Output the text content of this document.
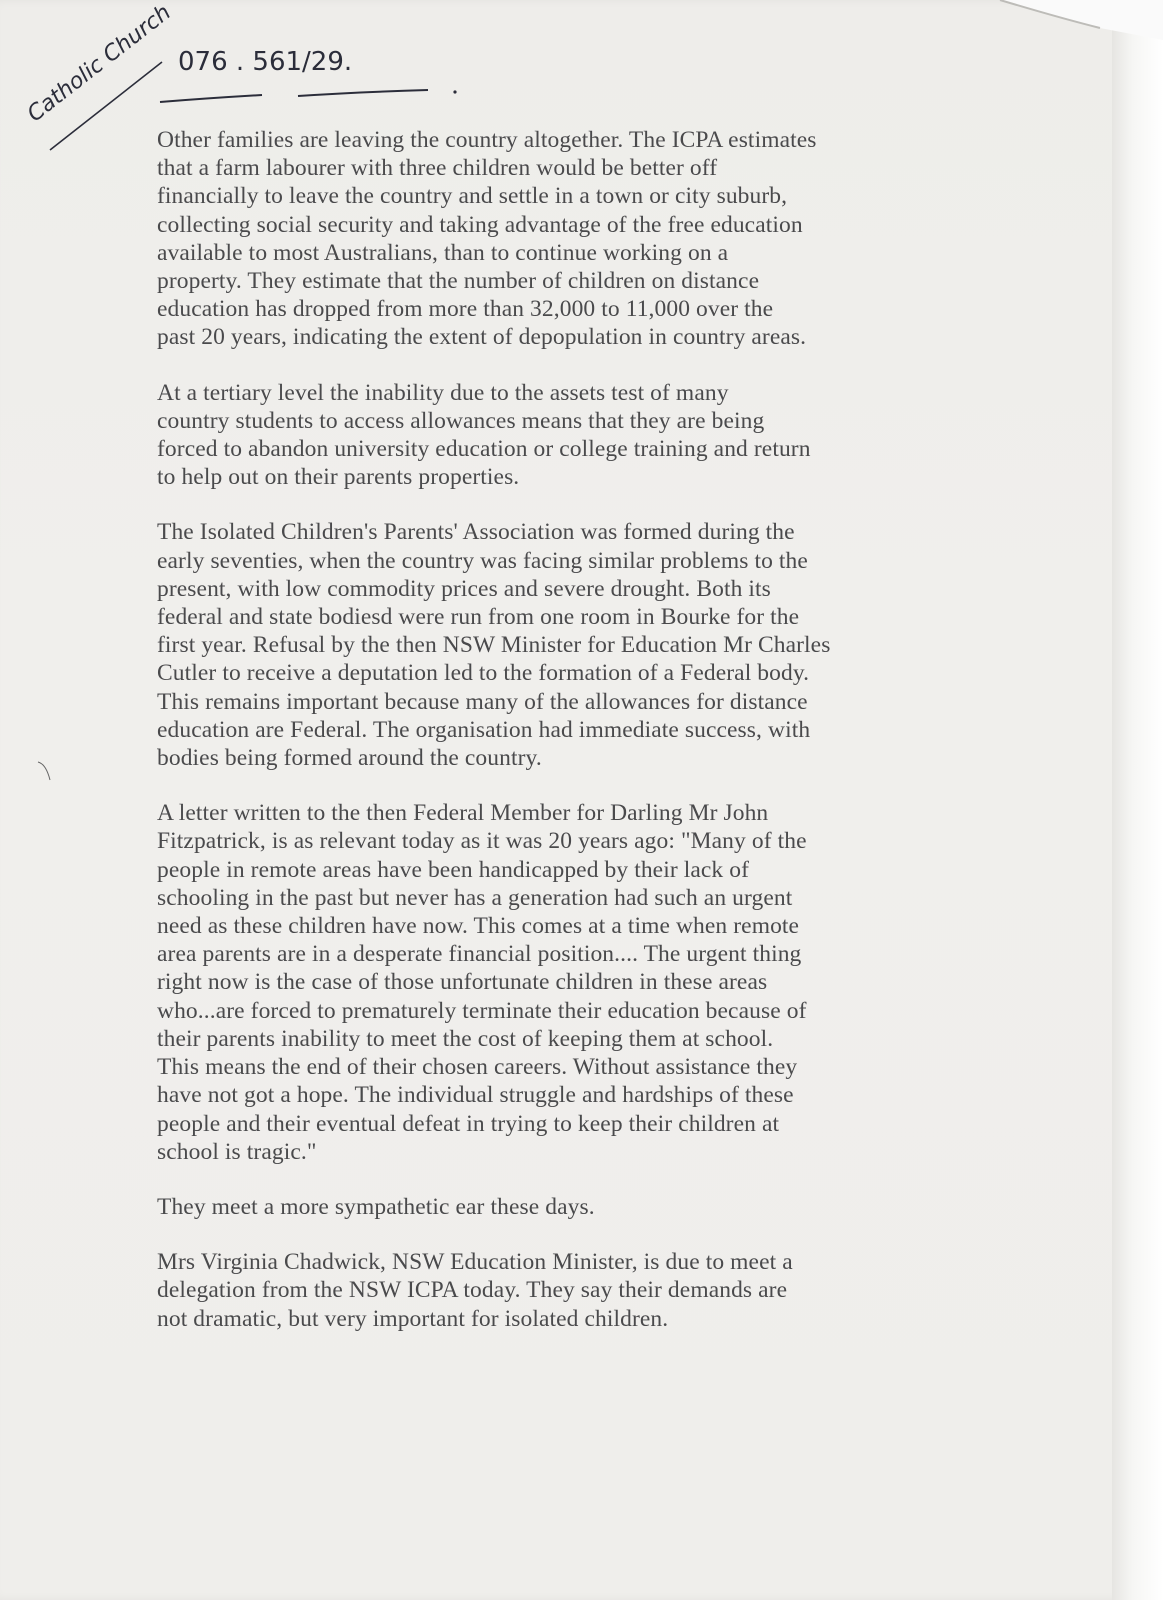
Catholic Church 076 . 561/29.

Other families are leaving the country altogether. The ICPA estimates
that a farm labourer with three children would be better off
financially to leave the country and settle in a town or city suburb,
collecting social security and taking advantage of the free education
available to most Australians, than to continue working on a
property. They estimate that the number of children on distance
education has dropped from more than 32,000 to 11,000 over the
past 20 years, indicating the extent of depopulation in country areas.

At a tertiary level the inability due to the assets test of many
country students to access allowances means that they are being
forced to abandon university education or college training and return
to help out on their parents properties.

The Isolated Children's Parents' Association was formed during the
early seventies, when the country was facing similar problems to the
present, with low commodity prices and severe drought. Both its
federal and state bodiesd were run from one room in Bourke for the
first year. Refusal by the then NSW Minister for Education Mr Charles
Cutler to receive a deputation led to the formation of a Federal body.
This remains important because many of the allowances for distance
education are Federal. The organisation had immediate success, with
bodies being formed around the country.

A letter written to the then Federal Member for Darling Mr John
Fitzpatrick, is as relevant today as it was 20 years ago: "Many of the
people in remote areas have been handicapped by their lack of
schooling in the past but never has a generation had such an urgent
need as these children have now. This comes at a time when remote
area parents are in a desperate financial position.... The urgent thing
right now is the case of those unfortunate children in these areas
who...are forced to prematurely terminate their education because of
their parents inability to meet the cost of keeping them at school.
This means the end of their chosen careers. Without assistance they
have not got a hope. The individual struggle and hardships of these
people and their eventual defeat in trying to keep their children at
school is tragic."

They meet a more sympathetic ear these days.

Mrs Virginia Chadwick, NSW Education Minister, is due to meet a
delegation from the NSW ICPA today. They say their demands are
not dramatic, but very important for isolated children.
